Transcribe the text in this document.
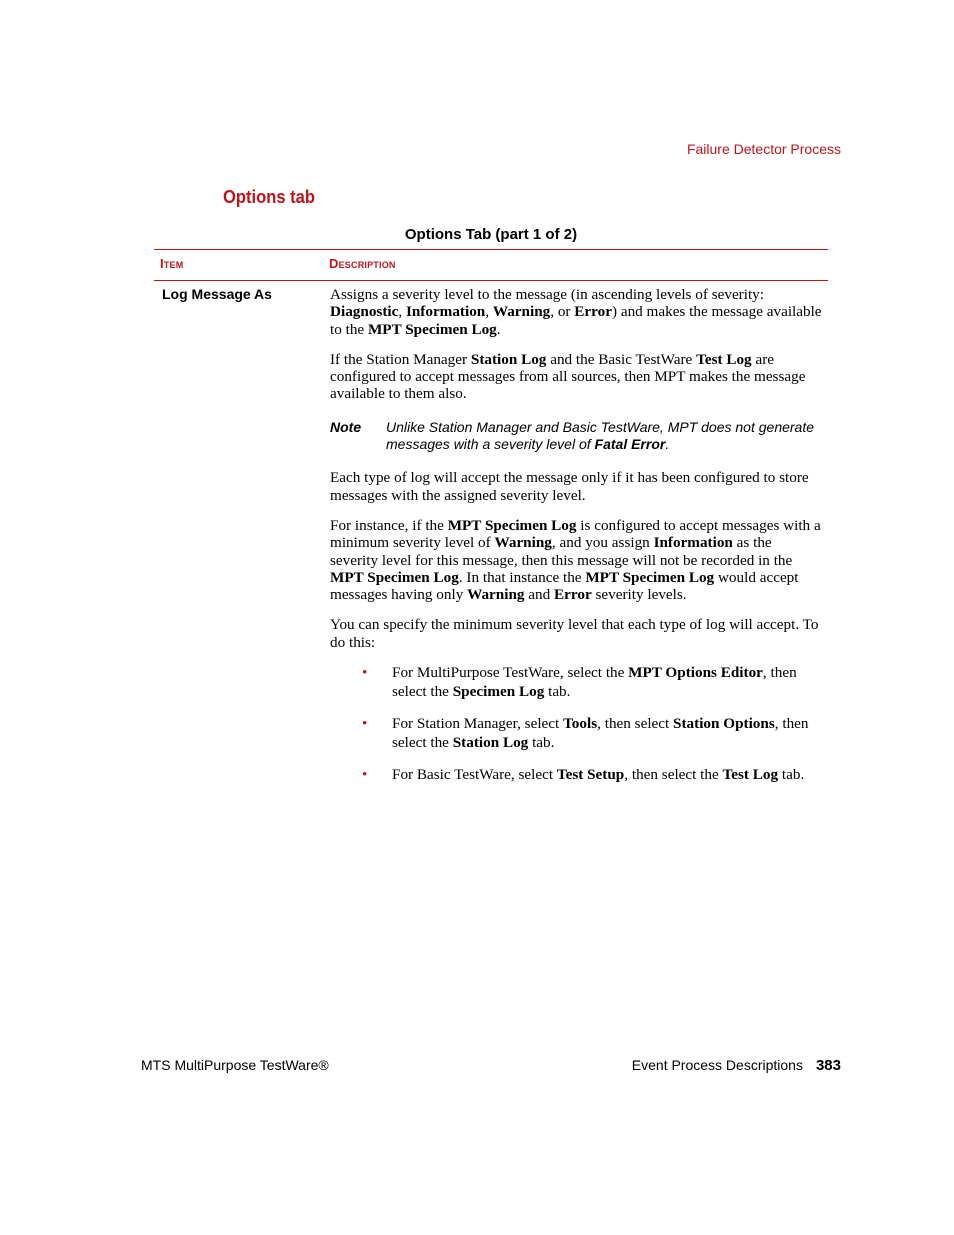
Failure Detector Process
Options tab
Options Tab (part 1 of 2)
Item	Description
Log Message As	Assigns a severity level to the message (in ascending levels of severity: Diagnostic, Information, Warning, or Error) and makes the message available to the MPT Specimen Log.

If the Station Manager Station Log and the Basic TestWare Test Log are configured to accept messages from all sources, then MPT makes the message available to them also.

Note	Unlike Station Manager and Basic TestWare, MPT does not generate messages with a severity level of Fatal Error.

Each type of log will accept the message only if it has been configured to store messages with the assigned severity level.

For instance, if the MPT Specimen Log is configured to accept messages with a minimum severity level of Warning, and you assign Information as the severity level for this message, then this message will not be recorded in the MPT Specimen Log. In that instance the MPT Specimen Log would accept messages having only Warning and Error severity levels.

You can specify the minimum severity level that each type of log will accept. To do this:

• For MultiPurpose TestWare, select the MPT Options Editor, then select the Specimen Log tab.
• For Station Manager, select Tools, then select Station Options, then select the Station Log tab.
• For Basic TestWare, select Test Setup, then select the Test Log tab.
MTS MultiPurpose TestWare®	Event Process Descriptions 383
